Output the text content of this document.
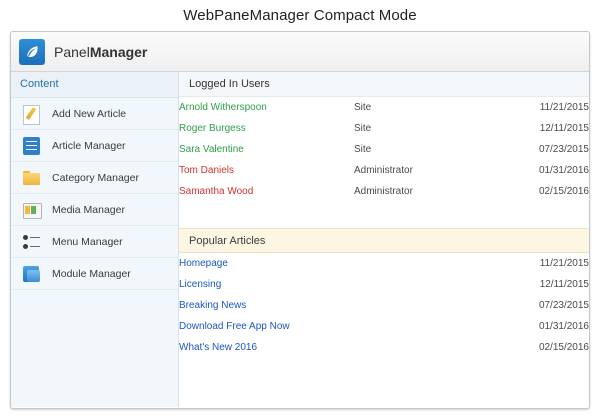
WebPaneManager Compact Mode
PanelManager
Content
Add New Article
Article Manager
Category Manager
Media Manager
Menu Manager
Module Manager
Logged In Users
Arnold Witherspoon	Site	11/21/2015
Roger Burgess	Site	12/11/2015
Sara Valentine	Site	07/23/2015
Tom Daniels	Administrator	01/31/2016
Samantha Wood	Administrator	02/15/2016
Popular Articles
Homepage		11/21/2015
Licensing		12/11/2015
Breaking News		07/23/2015
Download Free App Now		01/31/2016
What's New 2016		02/15/2016
